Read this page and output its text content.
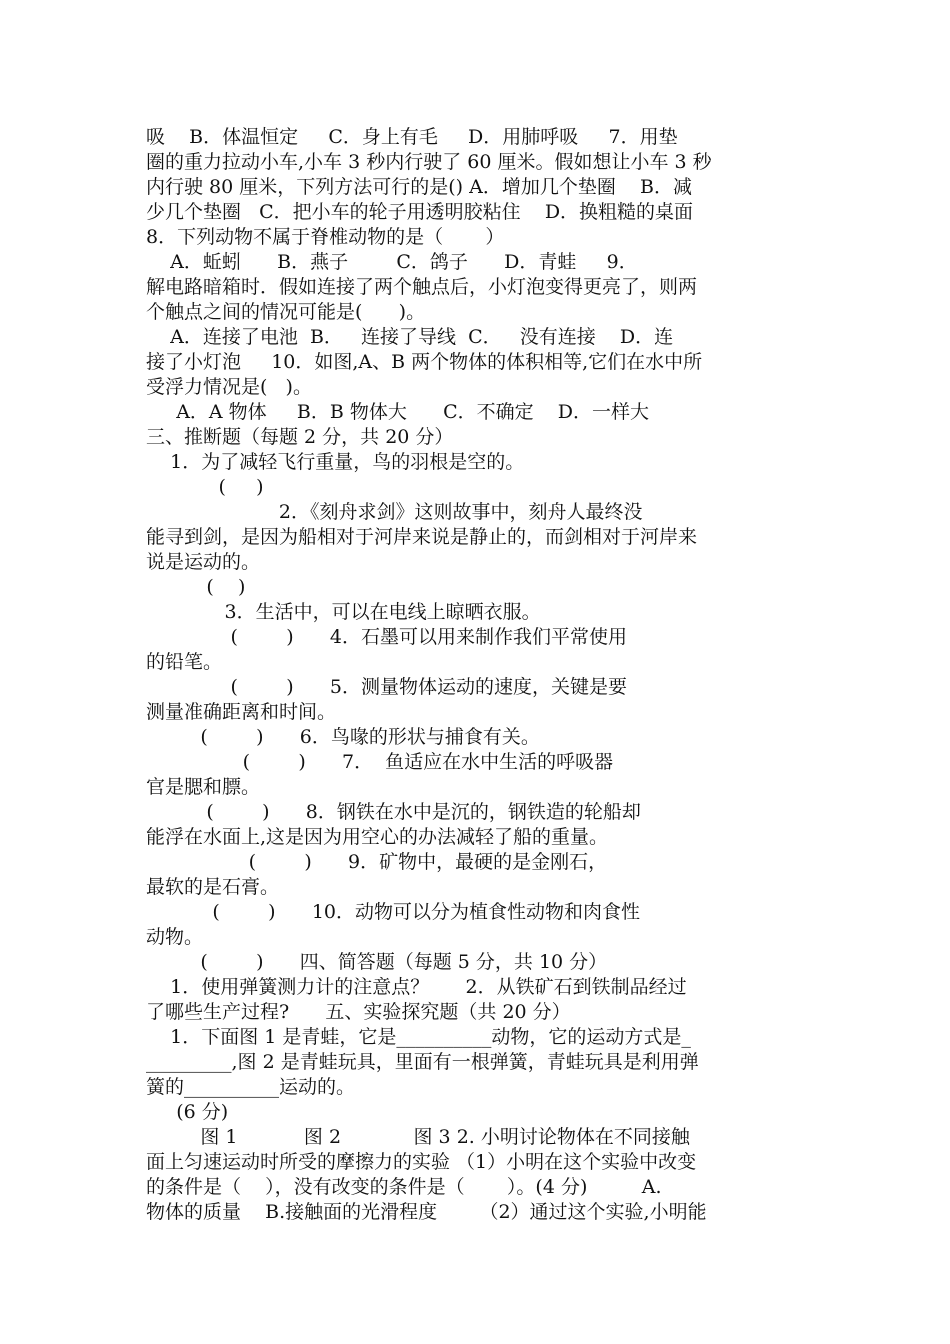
吸    B．体温恒定     C．身上有毛     D．用肺呼吸     7．用垫
圈的重力拉动小车,小车 3 秒内行驶了 60 厘米。假如想让小车 3 秒
内行驶 80 厘米，下列方法可行的是() A．增加几个垫圈    B．减
少几个垫圈   C．把小车的轮子用透明胶粘住    D．换粗糙的桌面
8．下列动物不属于脊椎动物的是（       ）
A．蚯蚓      B．燕子        C．鸽子      D．青蛙     9．
解电路暗箱时．假如连接了两个触点后，小灯泡变得更亮了，则两
个触点之间的情况可能是(      )。
A．连接了电池  B．   连接了导线  C．   没有连接    D．连
接了小灯泡     10．如图,A、B 两个物体的体积相等,它们在水中所
受浮力情况是(   )。
A．A 物体     B．B 物体大      C．不确定    D．一样大
三、推断题（每题 2 分，共 20 分）
1．为了减轻飞行重量，鸟的羽根是空的。
(     )
2．《刻舟求剑》这则故事中，刻舟人最终没
能寻到剑，是因为船相对于河岸来说是静止的，而剑相对于河岸来
说是运动的。
(    )
3．生活中，可以在电线上晾晒衣服。
(        )      4．石墨可以用来制作我们平常使用
的铅笔。
(        )      5．测量物体运动的速度，关键是要
测量准确距离和时间。
(        )      6．鸟喙的形状与捕食有关。
(        )      7．  鱼适应在水中生活的呼吸器
官是腮和膘。
(        )      8．钢铁在水中是沉的，钢铁造的轮船却
能浮在水面上,这是因为用空心的办法减轻了船的重量。
(        )      9．矿物中，最硬的是金刚石，
最软的是石膏。
(        )      10．动物可以分为植食性动物和肉食性
动物。
(        )      四、简答题（每题 5 分，共 10 分）
1．使用弹簧测力计的注意点？      2．从铁矿石到铁制品经过
了哪些生产过程?      五、实验探究题（共 20 分）
1．下面图 1 是青蛙，它是__________动物，它的运动方式是_
_________,图 2 是青蛙玩具，里面有一根弹簧，青蛙玩具是利用弹
簧的__________运动的。
(6 分)
图 1           图 2            图 3 2. 小明讨论物体在不同接触
面上匀速运动时所受的摩擦力的实验 （1）小明在这个实验中改变
的条件是（    ），没有改变的条件是（       ）。(4 分)         A.
物体的质量    B.接触面的光滑程度       （2）通过这个实验,小明能
